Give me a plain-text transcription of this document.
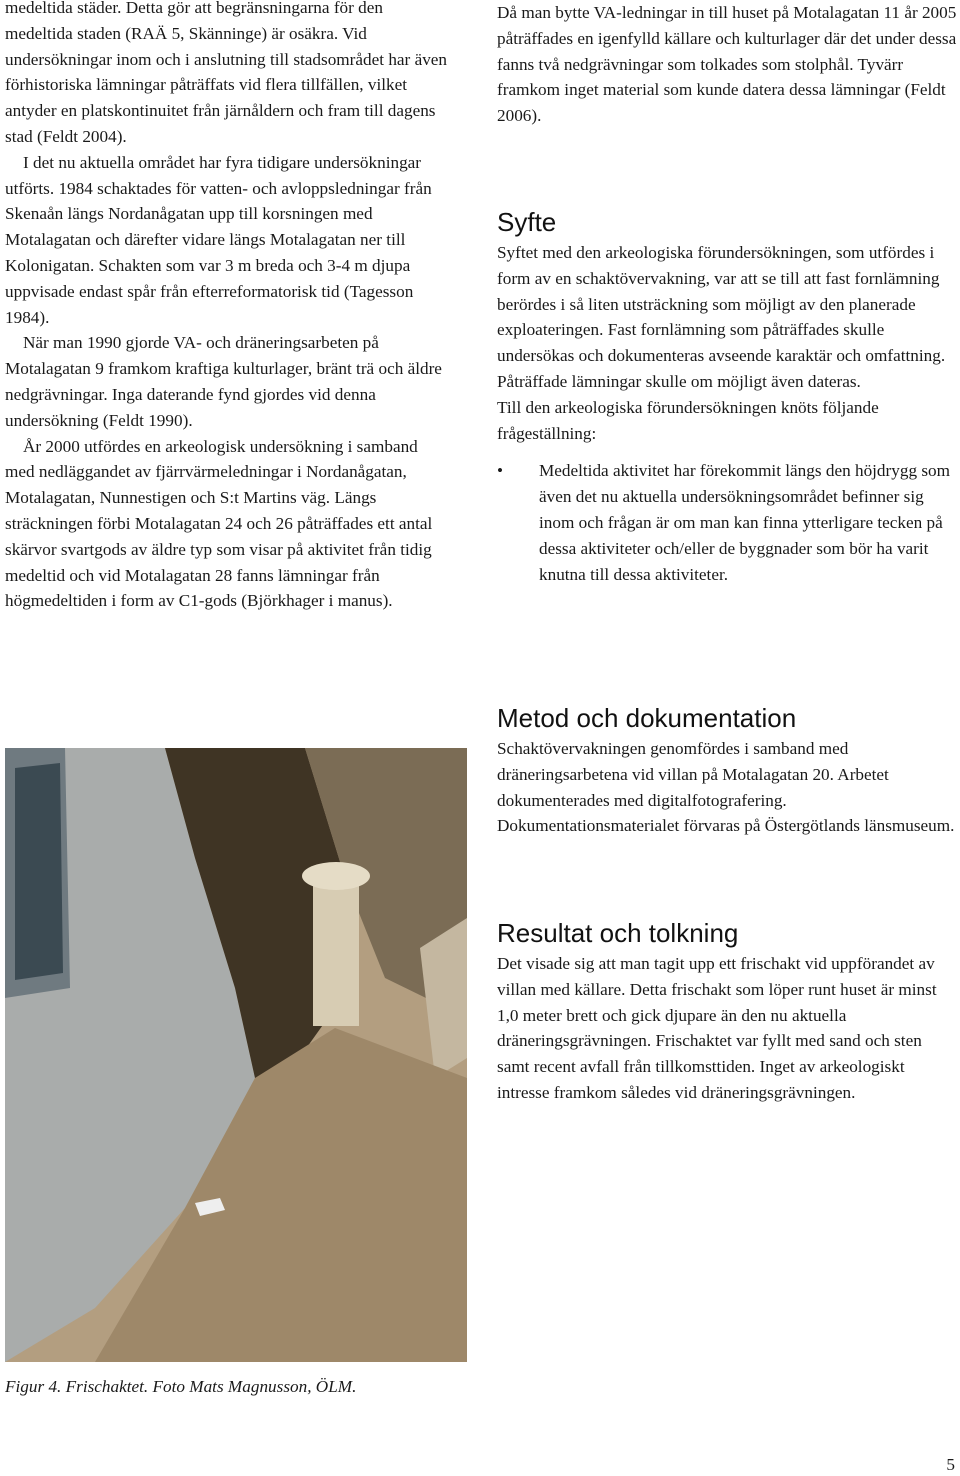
medeltida städer. Detta gör att begränsningarna för den medeltida staden (RAÄ 5, Skänninge) är osäkra. Vid undersökningar inom och i anslutning till stadsområdet har även förhistoriska lämningar påträffats vid flera tillfällen, vilket antyder en platskontinuitet från järnåldern och fram till dagens stad (Feldt 2004).

I det nu aktuella området har fyra tidigare undersökningar utförts. 1984 schaktades för vatten- och avloppsledningar från Skenaån längs Nordanågatan upp till korsningen med Motalagatan och därefter vidare längs Motalagatan ner till Kolonigatan. Schakten som var 3 m breda och 3-4 m djupa uppvisade endast spår från efterreformatorisk tid (Tagesson 1984).

När man 1990 gjorde VA- och dräneringsarbeten på Motalagatan 9 framkom kraftiga kulturlager, bränt trä och äldre nedgrävningar. Inga daterande fynd gjordes vid denna undersökning (Feldt 1990).

År 2000 utfördes en arkeologisk undersökning i samband med nedläggandet av fjärrvärmeledningar i Nordanågatan, Motalagatan, Nunnestigen och S:t Martins väg. Längs sträckningen förbi Motalagatan 24 och 26 påträffades ett antal skärvor svartgods av äldre typ som visar på aktivitet från tidig medeltid och vid Motalagatan 28 fanns lämningar från högmedeltiden i form av C1-gods (Björkhager i manus).

Då man bytte VA-ledningar in till huset på Motalagatan 11 år 2005 påträffades en igenfylld källare och kulturlager där det under dessa fanns två nedgrävningar som tolkades som stolphål. Tyvärr framkom inget material som kunde datera dessa lämningar (Feldt 2006).

Syfte

Syftet med den arkeologiska förundersökningen, som utfördes i form av en schaktövervakning, var att se till att fast fornlämning berördes i så liten utsträckning som möjligt av den planerade exploateringen. Fast fornlämning som påträffades skulle undersökas och dokumenteras avseende karaktär och omfattning. Påträffade lämningar skulle om möjligt även dateras.

Till den arkeologiska förundersökningen knöts följande frågeställning:

• Medeltida aktivitet har förekommit längs den höjdrygg som även det nu aktuella undersökningsområdet befinner sig inom och frågan är om man kan finna ytterligare tecken på dessa aktiviteter och/eller de byggnader som bör ha varit knutna till dessa aktiviteter.
Metod och dokumentation

Schaktövervakningen genomfördes i samband med dräneringsarbetena vid villan på Motalagatan 20. Arbetet dokumenterades med digitalfotografering. Dokumentationsmaterialet förvaras på Östergötlands länsmuseum.

Resultat och tolkning

Det visade sig att man tagit upp ett frischakt vid uppförandet av villan med källare. Detta frischakt som löper runt huset är minst 1,0 meter brett och gick djupare än den nu aktuella dräneringsgrävningen. Frischaktet var fyllt med sand och sten samt recent avfall från tillkomsttiden. Inget av arkeologiskt intresse framkom således vid dräneringsgrävningen.

Figur 4. Frischaktet. Foto Mats Magnusson, ÖLM.
5
